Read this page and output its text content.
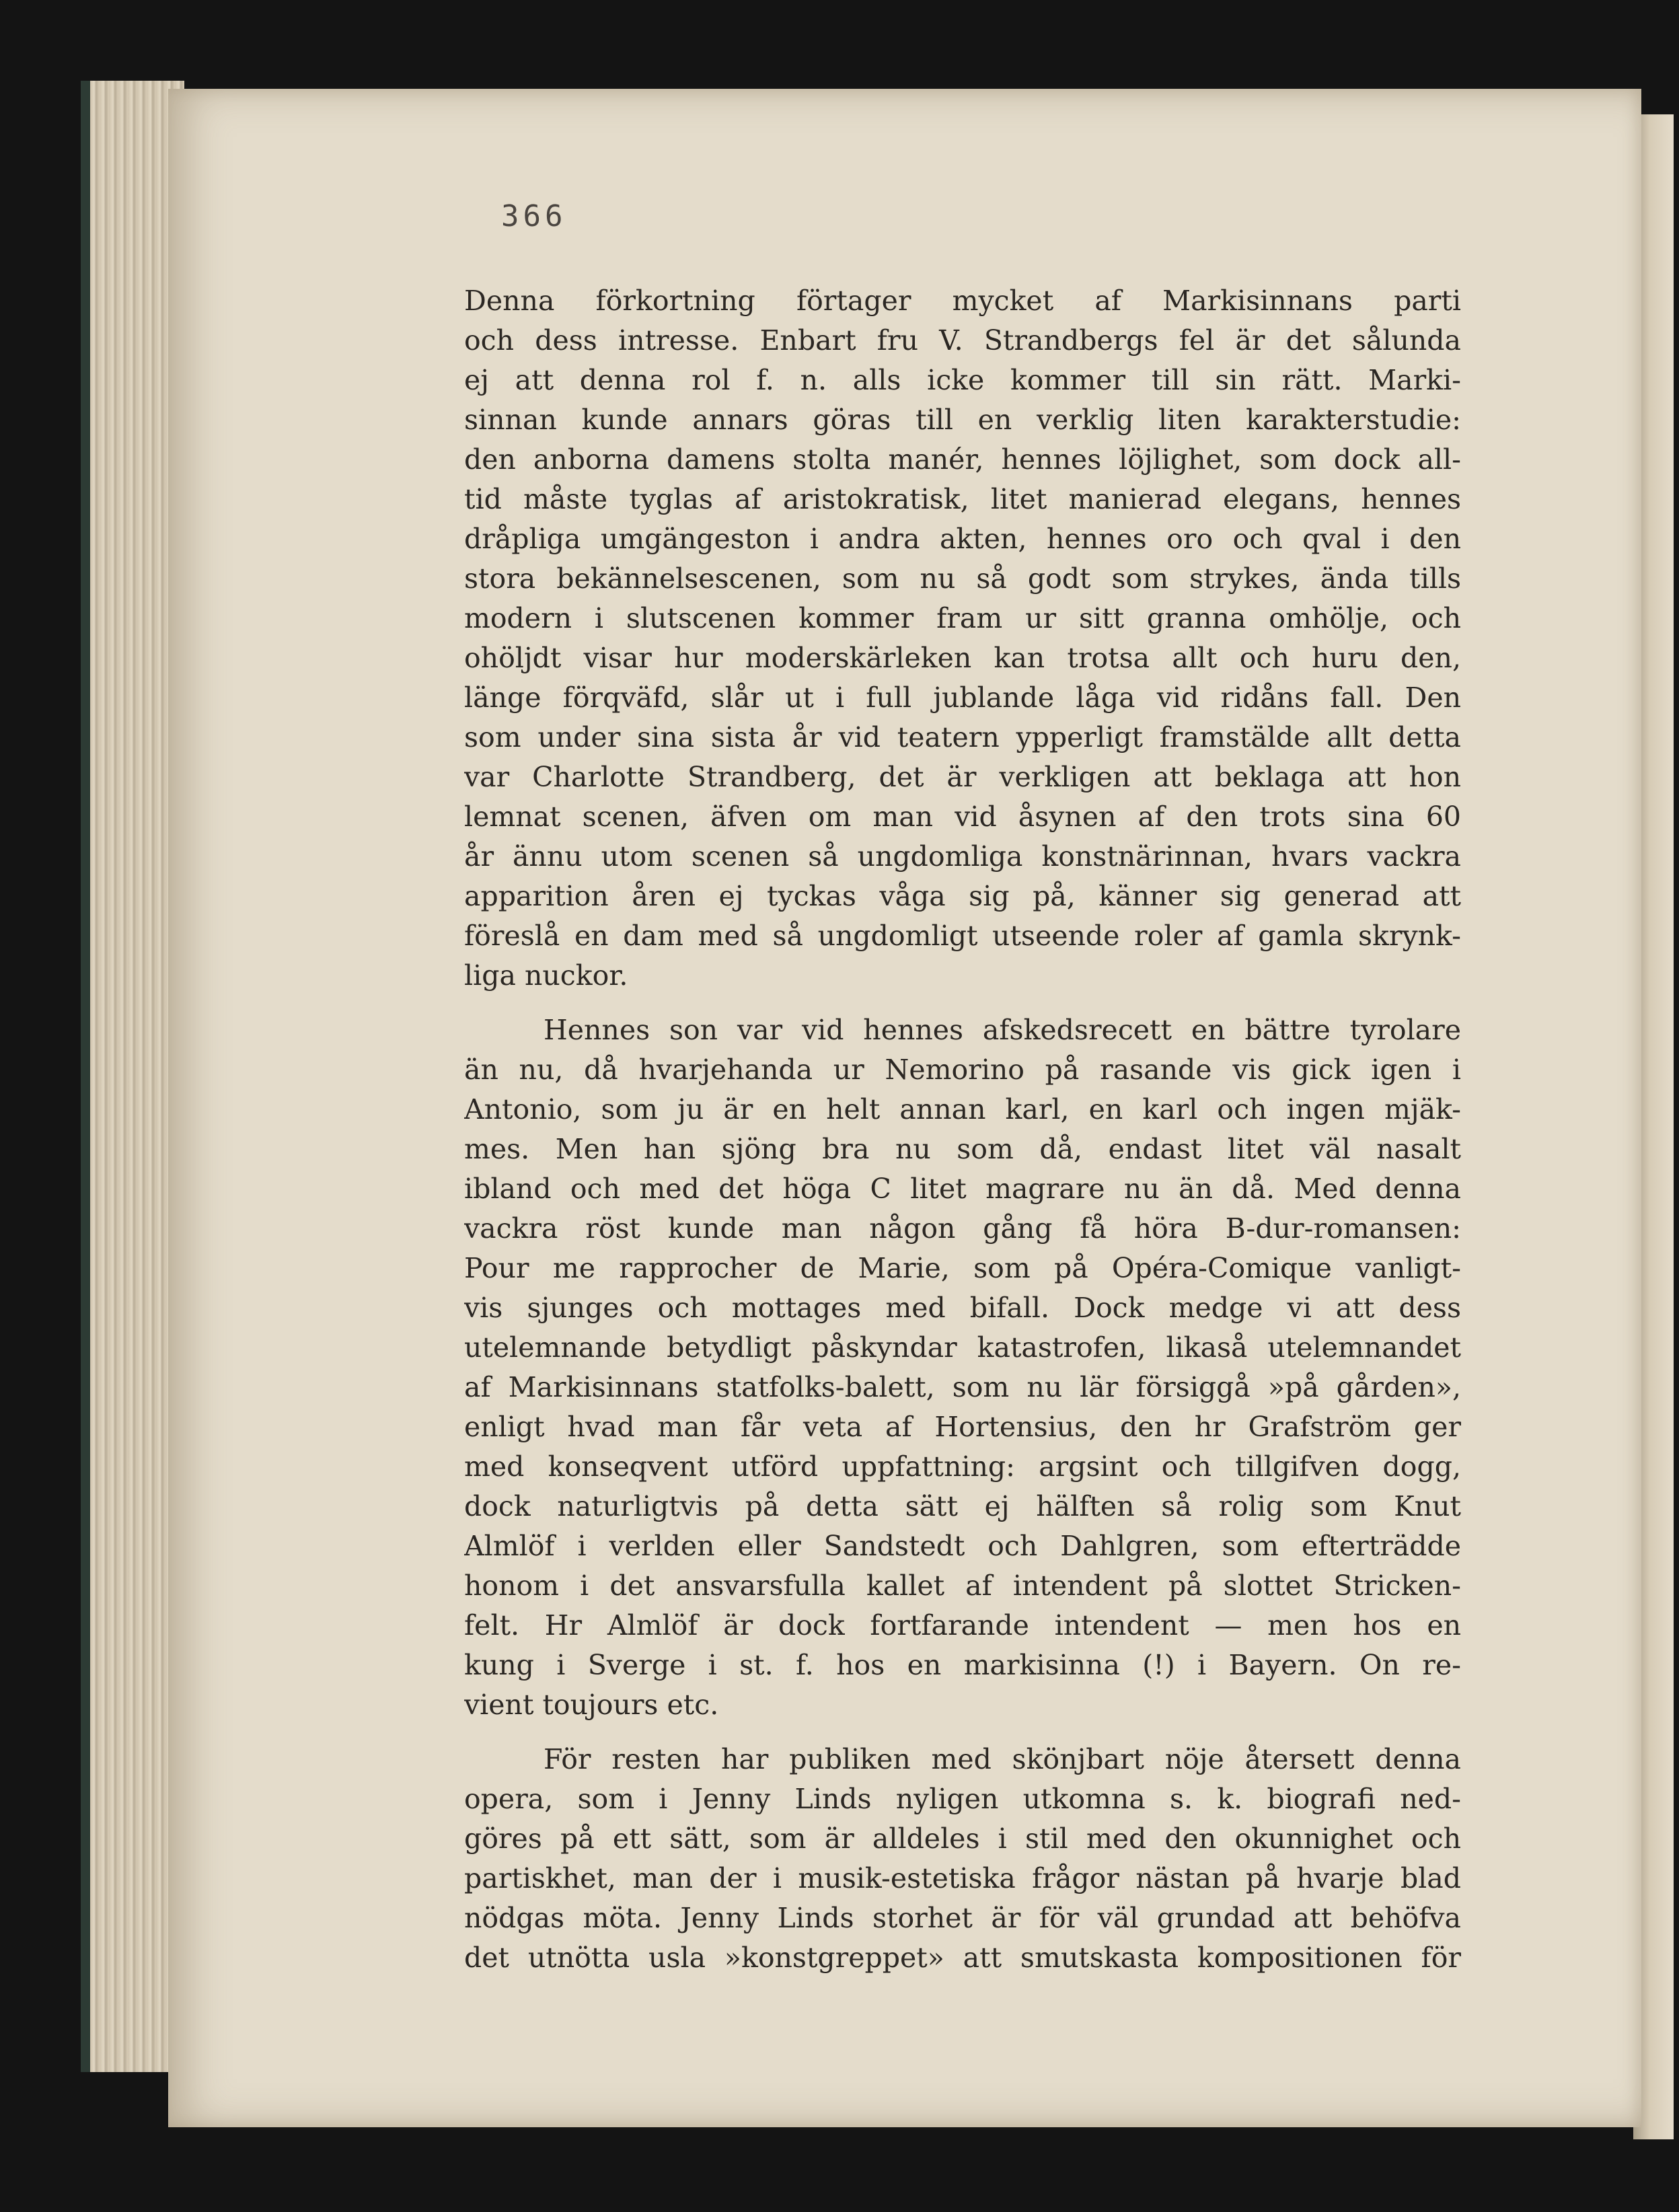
366
Denna förkortning förtager mycket af Markisinnans parti
och dess intresse. Enbart fru V. Strandbergs fel är det sålunda
ej att denna rol f. n. alls icke kommer till sin rätt. Marki-
sinnan kunde annars göras till en verklig liten karakterstudie:
den anborna damens stolta manér, hennes löjlighet, som dock all-
tid måste tyglas af aristokratisk, litet manierad elegans, hennes
dråpliga umgängeston i andra akten, hennes oro och qval i den
stora bekännelsescenen, som nu så godt som strykes, ända tills
modern i slutscenen kommer fram ur sitt granna omhölje, och
ohöljdt visar hur moderskärleken kan trotsa allt och huru den,
länge förqväfd, slår ut i full jublande låga vid ridåns fall. Den
som under sina sista år vid teatern ypperligt framstälde allt detta
var Charlotte Strandberg, det är verkligen att beklaga att hon
lemnat scenen, äfven om man vid åsynen af den trots sina 60
år ännu utom scenen så ungdomliga konstnärinnan, hvars vackra
apparition åren ej tyckas våga sig på, känner sig generad att
föreslå en dam med så ungdomligt utseende roler af gamla skrynk-
liga nuckor.
Hennes son var vid hennes afskedsrecett en bättre tyrolare
än nu, då hvarjehanda ur Nemorino på rasande vis gick igen i
Antonio, som ju är en helt annan karl, en karl och ingen mjäk-
mes. Men han sjöng bra nu som då, endast litet väl nasalt
ibland och med det höga C litet magrare nu än då. Med denna
vackra röst kunde man någon gång få höra B-dur-romansen:
Pour me rapprocher de Marie, som på Opéra-Comique vanligt-
vis sjunges och mottages med bifall. Dock medge vi att dess
utelemnande betydligt påskyndar katastrofen, likaså utelemnandet
af Markisinnans statfolks-balett, som nu lär försiggå »på gården»,
enligt hvad man får veta af Hortensius, den hr Grafström ger
med konseqvent utförd uppfattning: argsint och tillgifven dogg,
dock naturligtvis på detta sätt ej hälften så rolig som Knut
Almlöf i verlden eller Sandstedt och Dahlgren, som efterträdde
honom i det ansvarsfulla kallet af intendent på slottet Stricken-
felt. Hr Almlöf är dock fortfarande intendent — men hos en
kung i Sverge i st. f. hos en markisinna (!) i Bayern. On re-
vient toujours etc.
För resten har publiken med skönjbart nöje återsett denna
opera, som i Jenny Linds nyligen utkomna s. k. biografi ned-
göres på ett sätt, som är alldeles i stil med den okunnighet och
partiskhet, man der i musik-estetiska frågor nästan på hvarje blad
nödgas möta. Jenny Linds storhet är för väl grundad att behöfva
det utnötta usla »konstgreppet» att smutskasta kompositionen för
